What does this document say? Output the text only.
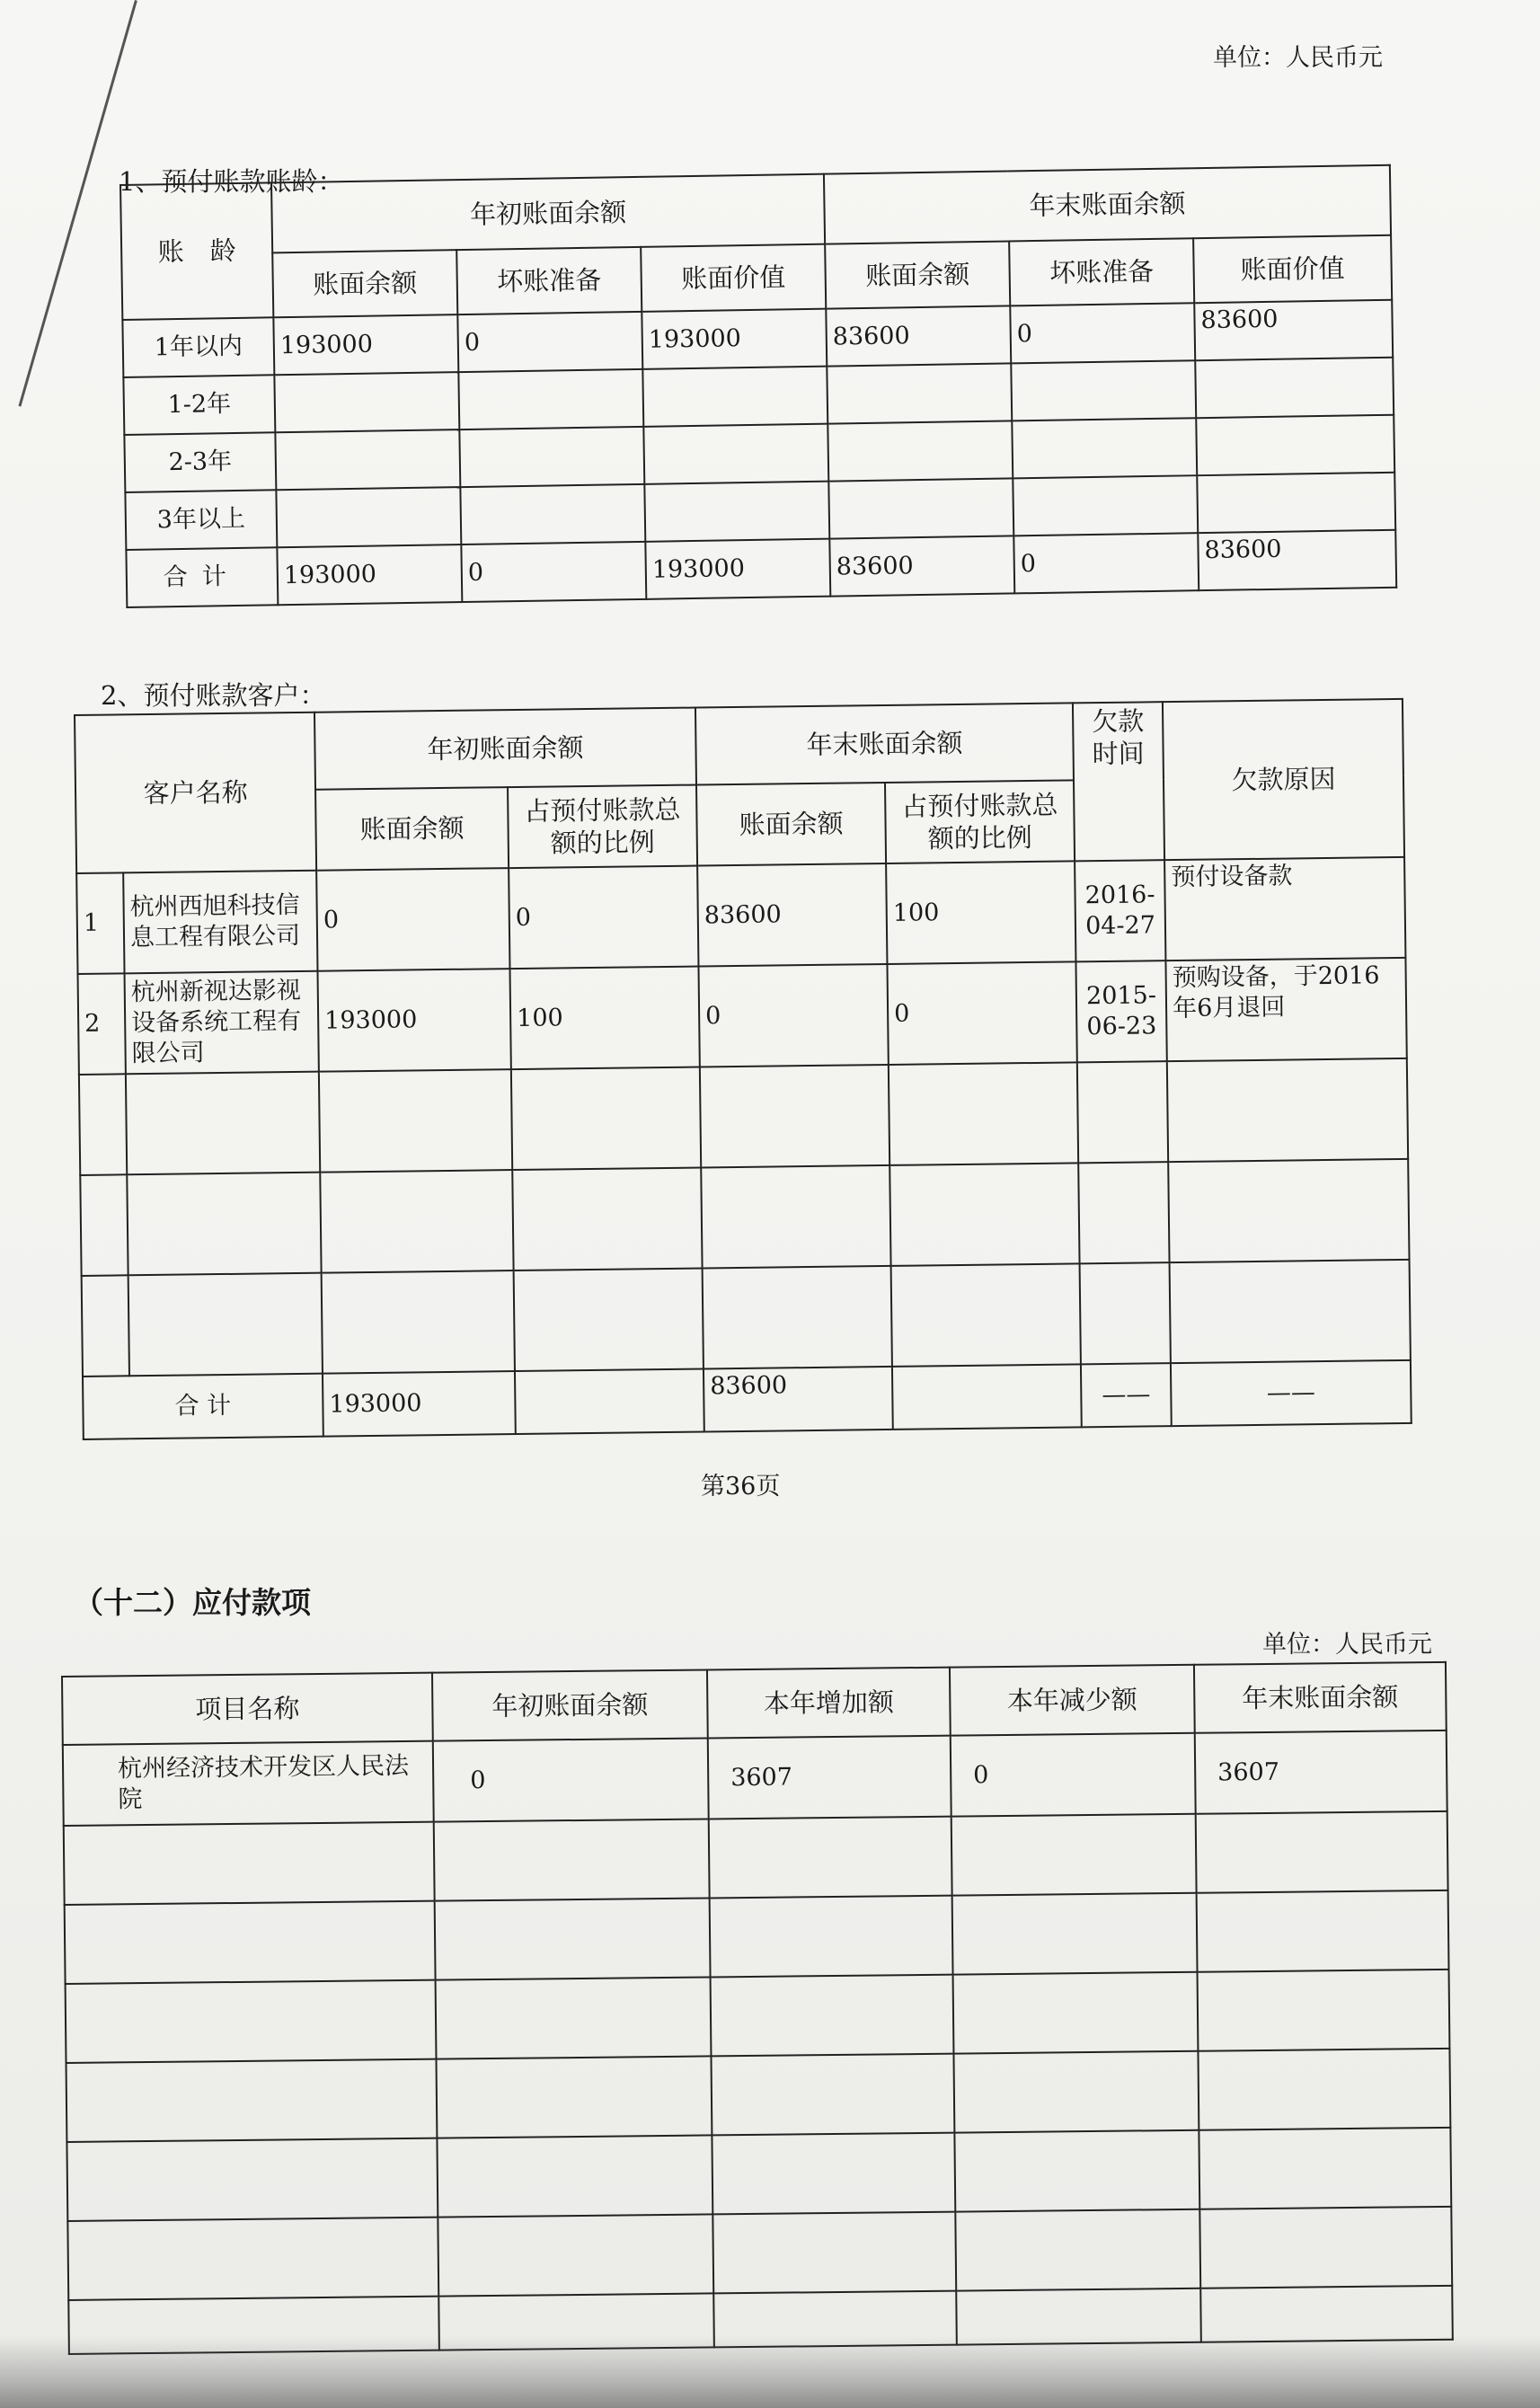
单位：人民币元
1、预付账款账龄：
账　龄	年初账面余额			年末账面余额		
	账面余额	坏账准备	账面价值	账面余额	坏账准备	账面价值
1年以内	193000	0	193000	83600	0	83600
1-2年						
2-3年						
3年以上						
合计	193000	0	193000	83600	0	83600
2、预付账款客户：
客户名称		年初账面余额		年末账面余额		欠款时间	欠款原因
		账面余额	占预付账款总额的比例	账面余额	占预付账款总额的比例		
1	杭州西旭科技信息工程有限公司	0	0	83600	100	2016-04-27	预付设备款
2	杭州新视达影视设备系统工程有限公司	193000	100	0	0	2015-06-23	预购设备，于2016年6月退回

合 计		193000		83600		——	——
第36页
（十二）应付款项
单位：人民币元
项目名称	年初账面余额	本年增加额	本年减少额	年末账面余额
杭州经济技术开发区人民法院	0	3607	0	3607
